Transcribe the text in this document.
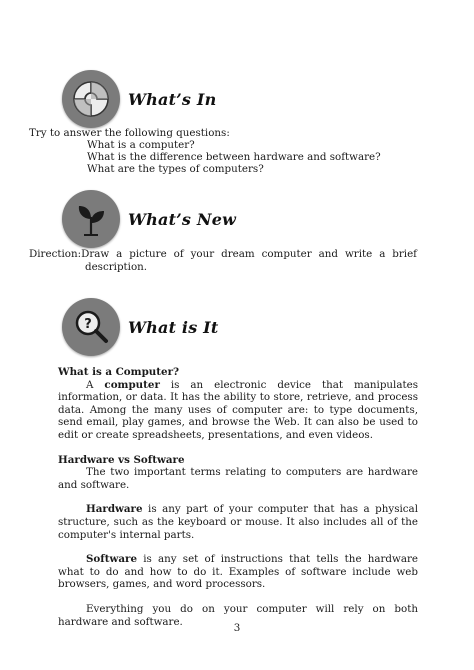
What’s In

Try to answer the following questions:

What is a computer?

What is the difference between hardware and software?

What are the types of computers?

What’s New

Direction:Draw a picture of your dream computer and write a brief

description.

? What is It

What is a Computer?

A computer is an electronic device that manipulates information, or data. It has the ability to store, retrieve, and process data. Among the many uses of computer are: to type documents, send email, play games, and browse the Web. It can also be used to edit or create spreadsheets, presentations, and even videos.

Hardware vs Software

The two important terms relating to computers are hardware and software.

Hardware is any part of your computer that has a physical structure, such as the keyboard or mouse. It also includes all of the computer's internal parts.

Software is any set of instructions that tells the hardware what to do and how to do it. Examples of software include web browsers, games, and word processors.

Everything you do on your computer will rely on both hardware and software.

3
